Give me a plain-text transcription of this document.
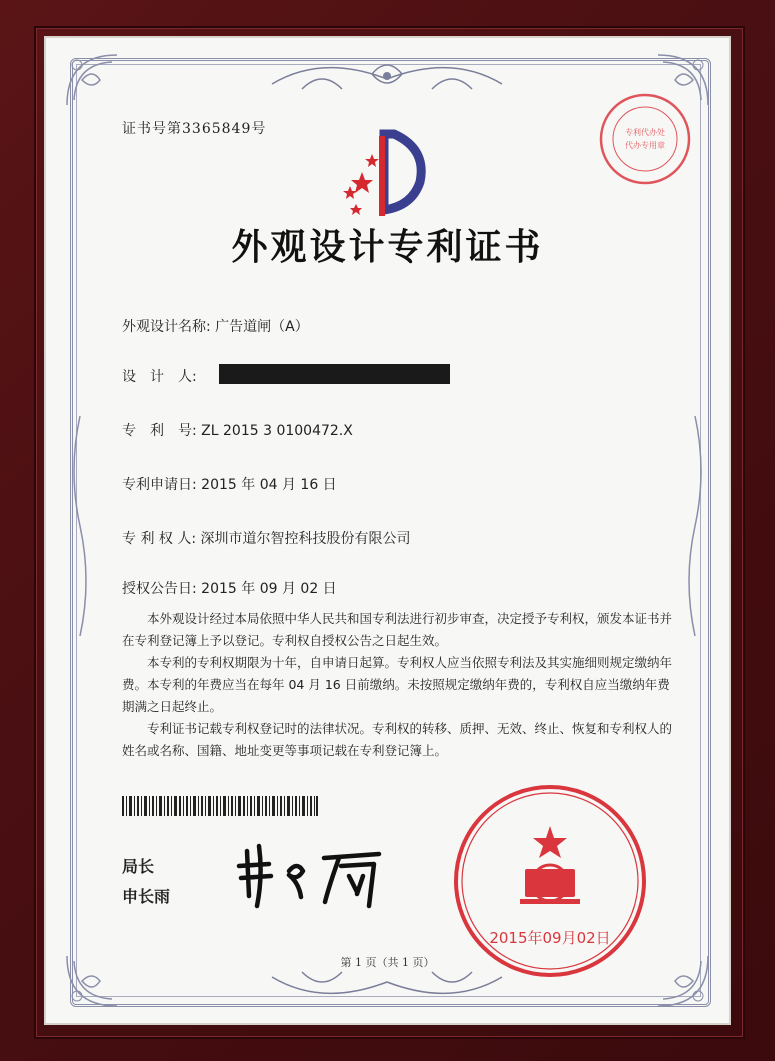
证书号第3365849号	专利代办处
代办专用章
外观设计专利证书
外观设计名称: 广告道闸（A）
设　计　人:
专　利　号: ZL 2015 3 0100472.X
专利申请日: 2015 年 04 月 16 日
专 利 权 人: 深圳市道尔智控科技股份有限公司
授权公告日: 2015 年 09 月 02 日

本外观设计经过本局依照中华人民共和国专利法进行初步审查，决定授予专利权，颁发本证书并在专利登记簿上予以登记。专利权自授权公告之日起生效。

本专利的专利权期限为十年，自申请日起算。专利权人应当依照专利法及其实施细则规定缴纳年费。本专利的年费应当在每年 04 月 16 日前缴纳。未按照规定缴纳年费的，专利权自应当缴纳年费期满之日起终止。

专利证书记载专利权登记时的法律状况。专利权的转移、质押、无效、终止、恢复和专利权人的姓名或名称、国籍、地址变更等事项记载在专利登记簿上。

局长
申长雨
2015年09月02日
第 1 页（共 1 页）
